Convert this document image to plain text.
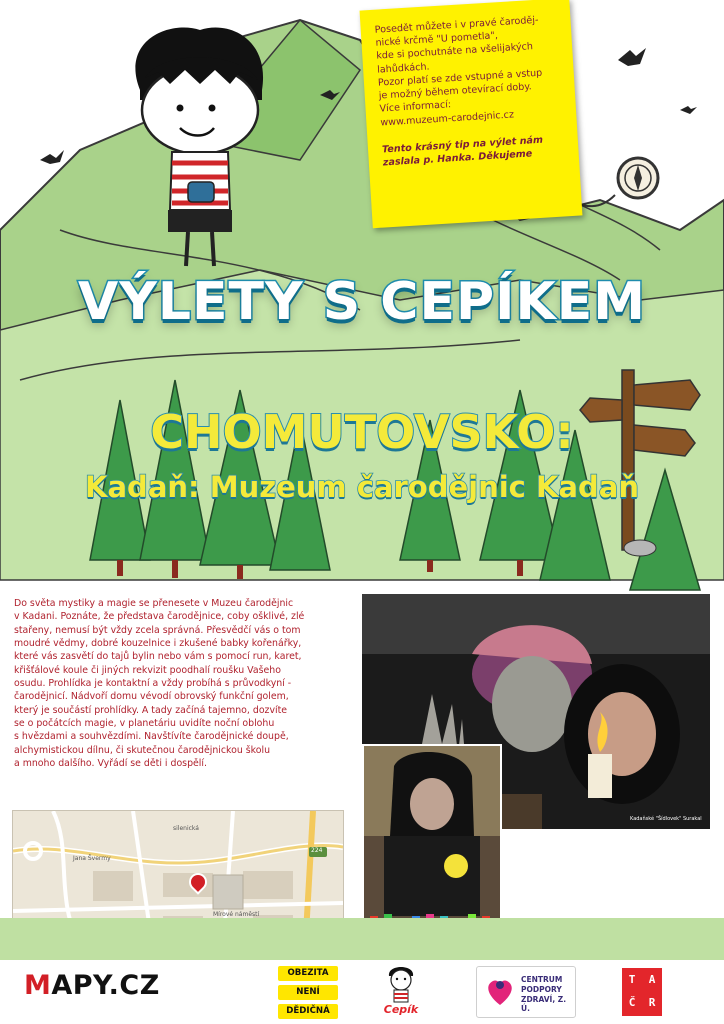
Posedět můžete i v pravé čaroděj-
nické krčmě "U pometla",
kde si pochutnáte na všelijakých
lahůdkách.
Pozor platí se zde vstupné a vstup
je možný během otevírací doby.
Více informací:
www.muzeum-carodejnic.cz
Tento krásný tip na výlet nám
zaslala p. Hanka. Děkujeme
VÝLETY S CEPÍKEM
CHOMUTOVSKO:
Kadaň: Muzeum čarodějnic Kadaň
Do světa mystiky a magie se přenesete v Muzeu čarodějnic
v Kadani. Poznáte, že představa čarodějnice, coby ošklivé, zlé
stařeny, nemusí být vždy zcela správná. Přesvědčí vás o tom
moudré vědmy, dobré kouzelnice i zkušené babky kořenářky,
které vás zasvětí do tajů bylin nebo vám s pomocí run, karet,
křišťálové koule či jiných rekvizit poodhalí roušku Vašeho
osudu. Prohlídka je kontaktní a vždy probíhá s průvodkyní -
čarodějnicí. Nádvoří domu vévodí obrovský funkční golem,
který je součástí prohlídky. A tady začíná tajemno, dozvíte
se o počátcích magie, v planetáriu uvidíte noční oblohu
s hvězdami a souhvězdími. Navštívíte čarodějnické doupě,
alchymistickou dílnu, či skutečnou čarodějnickou školu
a mnoho dalšího. Vyřádí se děti i dospělí.
224
Jana Švermy
silenická
Mírové náměstí
Kadaňské "Šídlovek" Surakal
MAPY.CZ	OBEZITA
NENÍ
DĚDIČNÁ	Cepík
CENTRUM
PODPORY
ZDRAVÍ, Z. Ú.
T	A
Č	R
